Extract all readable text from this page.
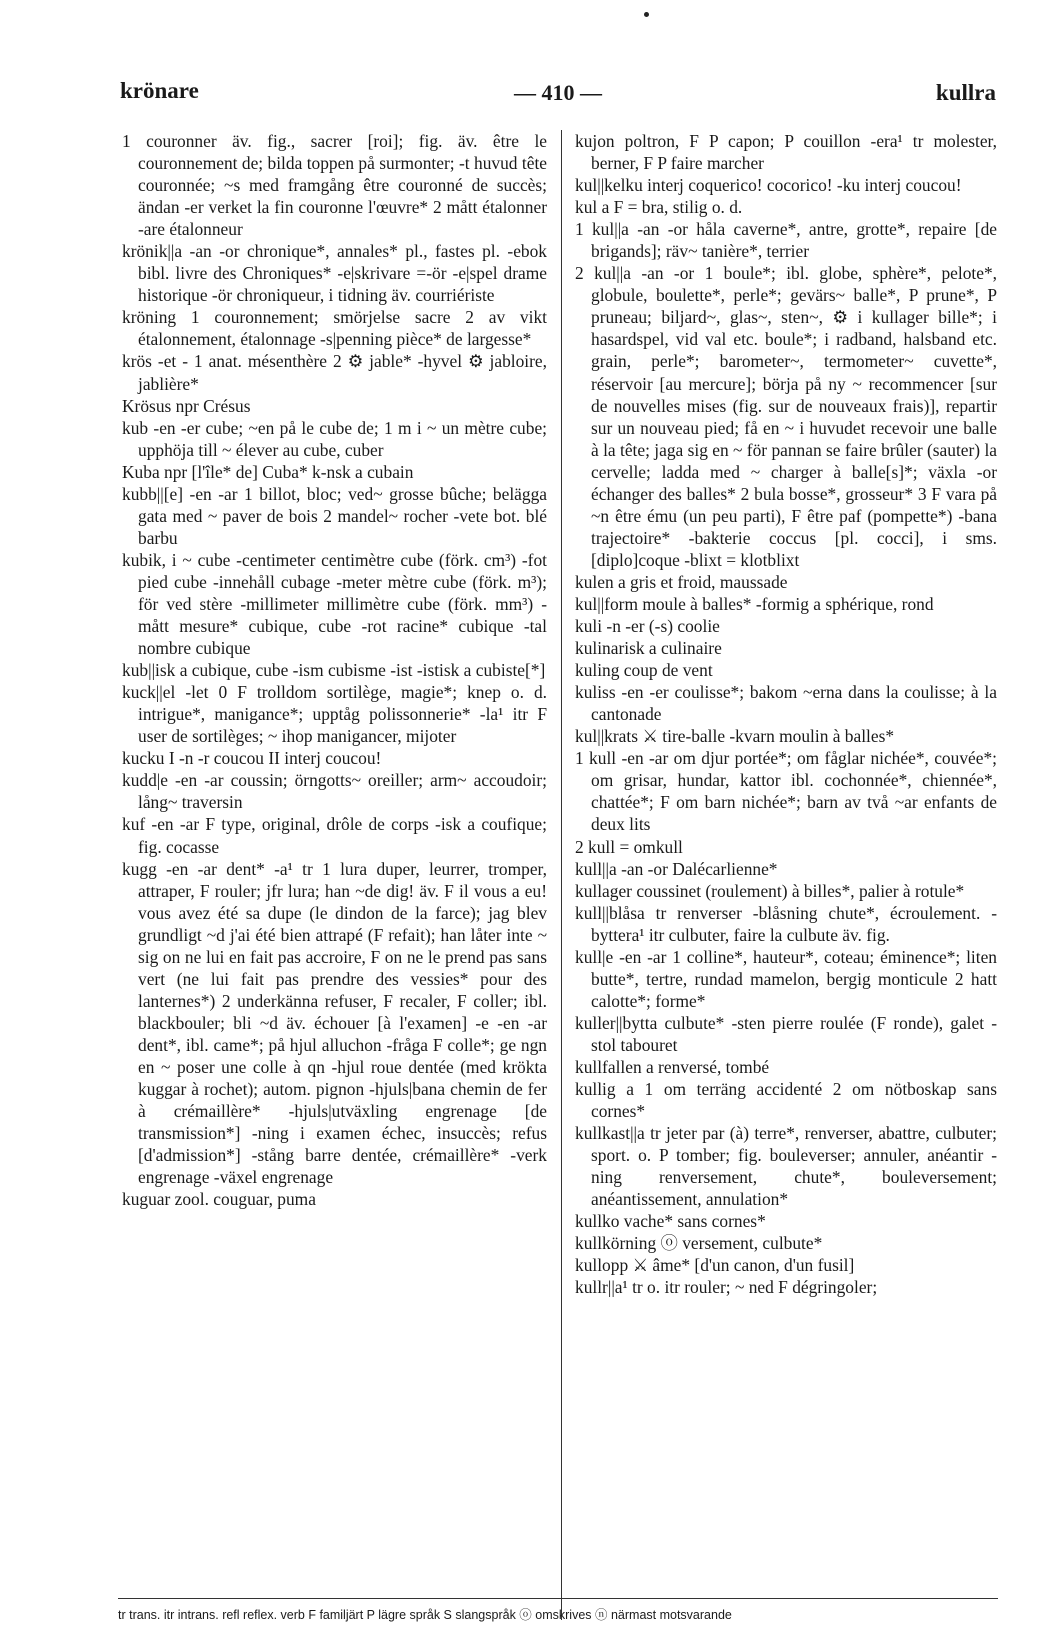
krönare	— 410 —	kullra

1 couronner äv. fig., sacrer [roi]; fig. äv. être le couronnement de; bilda toppen på surmonter; -t huvud tête couronnée; ~s med framgång être couronné de succès; ändan -er verket la fin couronne l'œuvre* 2 mått étalonner -are étalonneur

krönik||a -an -or chronique*, annales* pl., fastes pl. -ebok bibl. livre des Chroniques* -e|skrivare =-ör -e|spel drame historique -ör chroniqueur, i tidning äv. courriériste

kröning 1 couronnement; smörjelse sacre 2 av vikt étalonnement, étalonnage -s|penning pièce* de largesse*

krös -et - 1 anat. mésenthère 2 ⚙ jable* -hyvel ⚙ jabloire, jablière*

Krösus npr Crésus

kub -en -er cube; ~en på le cube de; 1 m i ~ un mètre cube; upphöja till ~ élever au cube, cuber

Kuba npr [l'île* de] Cuba* k-nsk a cubain

kubb||[e] -en -ar 1 billot, bloc; ved~ grosse bûche; belägga gata med ~ paver de bois 2 mandel~ rocher -vete bot. blé barbu

kubik, i ~ cube -centimeter centimètre cube (förk. cm³) -fot pied cube -innehåll cubage -meter mètre cube (förk. m³); för ved stère -millimeter millimètre cube (förk. mm³) -mått mesure* cubique, cube -rot racine* cubique -tal nombre cubique

kub||isk a cubique, cube -ism cubisme -ist -istisk a cubiste[*]

kuck||el -let 0 F trolldom sortilège, magie*; knep o. d. intrigue*, manigance*; upptåg polissonnerie* -la¹ itr F user de sortilèges; ~ ihop manigancer, mijoter

kucku I -n -r coucou II interj coucou!

kudd|e -en -ar coussin; örngotts~ oreiller; arm~ accoudoir; lång~ traversin

kuf -en -ar F type, original, drôle de corps -isk a coufique; fig. cocasse

kugg -en -ar dent* -a¹ tr 1 lura duper, leurrer, tromper, attraper, F rouler; jfr lura; han ~de dig! äv. F il vous a eu! vous avez été sa dupe (le dindon de la farce); jag blev grundligt ~d j'ai été bien attrapé (F refait); han låter inte ~ sig on ne lui en fait pas accroire, F on ne le prend pas sans vert (ne lui fait pas prendre des vessies* pour des lanternes*) 2 underkänna refuser, F recaler, F coller; ibl. blackbouler; bli ~d äv. échouer [à l'examen] -e -en -ar dent*, ibl. came*; på hjul alluchon -fråga F colle*; ge ngn en ~ poser une colle à qn -hjul roue dentée (med krökta kuggar à rochet); autom. pignon -hjuls|bana chemin de fer à crémaillère* -hjuls|utväxling engrenage [de transmission*] -ning i examen échec, insuccès; refus [d'admission*] -stång barre dentée, crémaillère* -verk engrenage -växel engrenage

kuguar zool. couguar, puma

kujon poltron, F P capon; P couillon -era¹ tr molester, berner, F P faire marcher

kul||kelku interj coquerico! cocorico! -ku interj coucou!

kul a F = bra, stilig o. d.

1 kul||a -an -or håla caverne*, antre, grotte*, repaire [de brigands]; räv~ tanière*, terrier

2 kul||a -an -or 1 boule*; ibl. globe, sphère*, pelote*, globule, boulette*, perle*; gevärs~ balle*, P prune*, P pruneau; biljard~, glas~, sten~, ⚙ i kullager bille*; i hasardspel, vid val etc. boule*; i radband, halsband etc. grain, perle*; barometer~, termometer~ cuvette*, réservoir [au mercure]; börja på ny ~ recommencer [sur de nouvelles mises (fig. sur de nouveaux frais)], repartir sur un nouveau pied; få en ~ i huvudet recevoir une balle à la tête; jaga sig en ~ för pannan se faire brûler (sauter) la cervelle; ladda med ~ charger à balle[s]*; växla -or échanger des balles* 2 bula bosse*, grosseur* 3 F vara på ~n être ému (un peu parti), F être paf (pompette*) -bana trajectoire* -bakterie coccus [pl. cocci], i sms. [diplo]coque -blixt = klotblixt

kulen a gris et froid, maussade

kul||form moule à balles* -formig a sphérique, rond

kuli -n -er (-s) coolie

kulinarisk a culinaire

kuling coup de vent

kuliss -en -er coulisse*; bakom ~erna dans la coulisse; à la cantonade

kul||krats ⚔ tire-balle -kvarn moulin à balles*

1 kull -en -ar om djur portée*; om fåglar nichée*, couvée*; om grisar, hundar, kattor ibl. cochonnée*, chiennée*, chattée*; F om barn nichée*; barn av två ~ar enfants de deux lits

2 kull = omkull

kull||a -an -or Dalécarlienne*

kullager coussinet (roulement) à billes*, palier à rotule*

kull||blåsa tr renverser -blåsning chute*, écroulement. -byttera¹ itr culbuter, faire la culbute äv. fig.

kull|e -en -ar 1 colline*, hauteur*, coteau; éminence*; liten butte*, tertre, rundad mamelon, bergig monticule 2 hatt calotte*; forme*

kuller||bytta culbute* -sten pierre roulée (F ronde), galet -stol tabouret

kullfallen a renversé, tombé

kullig a 1 om terräng accidenté 2 om nötboskap sans cornes*

kullkast||a tr jeter par (à) terre*, renverser, abattre, culbuter; sport. o. P tomber; fig. bouleverser; annuler, anéantir -ning renversement, chute*, bouleversement; anéantissement, annulation*

kullko vache* sans cornes*

kullkörning ⓞ versement, culbute*

kullopp ⚔ âme* [d'un canon, d'un fusil]

kullr||a¹ tr o. itr rouler; ~ ned F dégringoler;

tr trans. itr intrans. refl reflex. verb F familjärt P lägre språk S slangspråk ⓞ omskrives ⓝ närmast motsvarande
